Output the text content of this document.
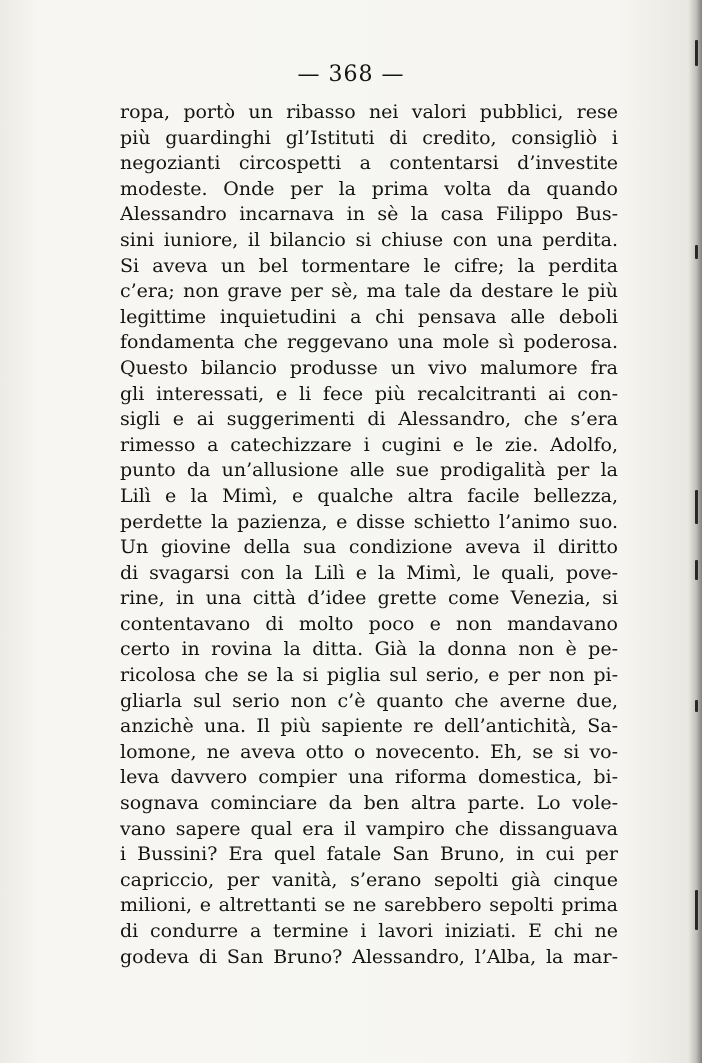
— 368 —
ropa, portò un ribasso nei valori pubblici, rese
più guardinghi gl’Istituti di credito, consigliò i
negozianti circospetti a contentarsi d’investite
modeste. Onde per la prima volta da quando
Alessandro incarnava in sè la casa Filippo Bus-
sini iuniore, il bilancio si chiuse con una perdita.
Si aveva un bel tormentare le cifre; la perdita
c’era; non grave per sè, ma tale da destare le più
legittime inquietudini a chi pensava alle deboli
fondamenta che reggevano una mole sì poderosa.
Questo bilancio produsse un vivo malumore fra
gli interessati, e li fece più recalcitranti ai con-
sigli e ai suggerimenti di Alessandro, che s’era
rimesso a catechizzare i cugini e le zie. Adolfo,
punto da un’allusione alle sue prodigalità per la
Lilì e la Mimì, e qualche altra facile bellezza,
perdette la pazienza, e disse schietto l’animo suo.
Un giovine della sua condizione aveva il diritto
di svagarsi con la Lilì e la Mimì, le quali, pove-
rine, in una città d’idee grette come Venezia, si
contentavano di molto poco e non mandavano
certo in rovina la ditta. Già la donna non è pe-
ricolosa che se la si piglia sul serio, e per non pi-
gliarla sul serio non c’è quanto che averne due,
anzichè una. Il più sapiente re dell’antichità, Sa-
lomone, ne aveva otto o novecento. Eh, se si vo-
leva davvero compier una riforma domestica, bi-
sognava cominciare da ben altra parte. Lo vole-
vano sapere qual era il vampiro che dissanguava
i Bussini? Era quel fatale San Bruno, in cui per
capriccio, per vanità, s’erano sepolti già cinque
milioni, e altrettanti se ne sarebbero sepolti prima
di condurre a termine i lavori iniziati. E chi ne
godeva di San Bruno? Alessandro, l’Alba, la mar-
